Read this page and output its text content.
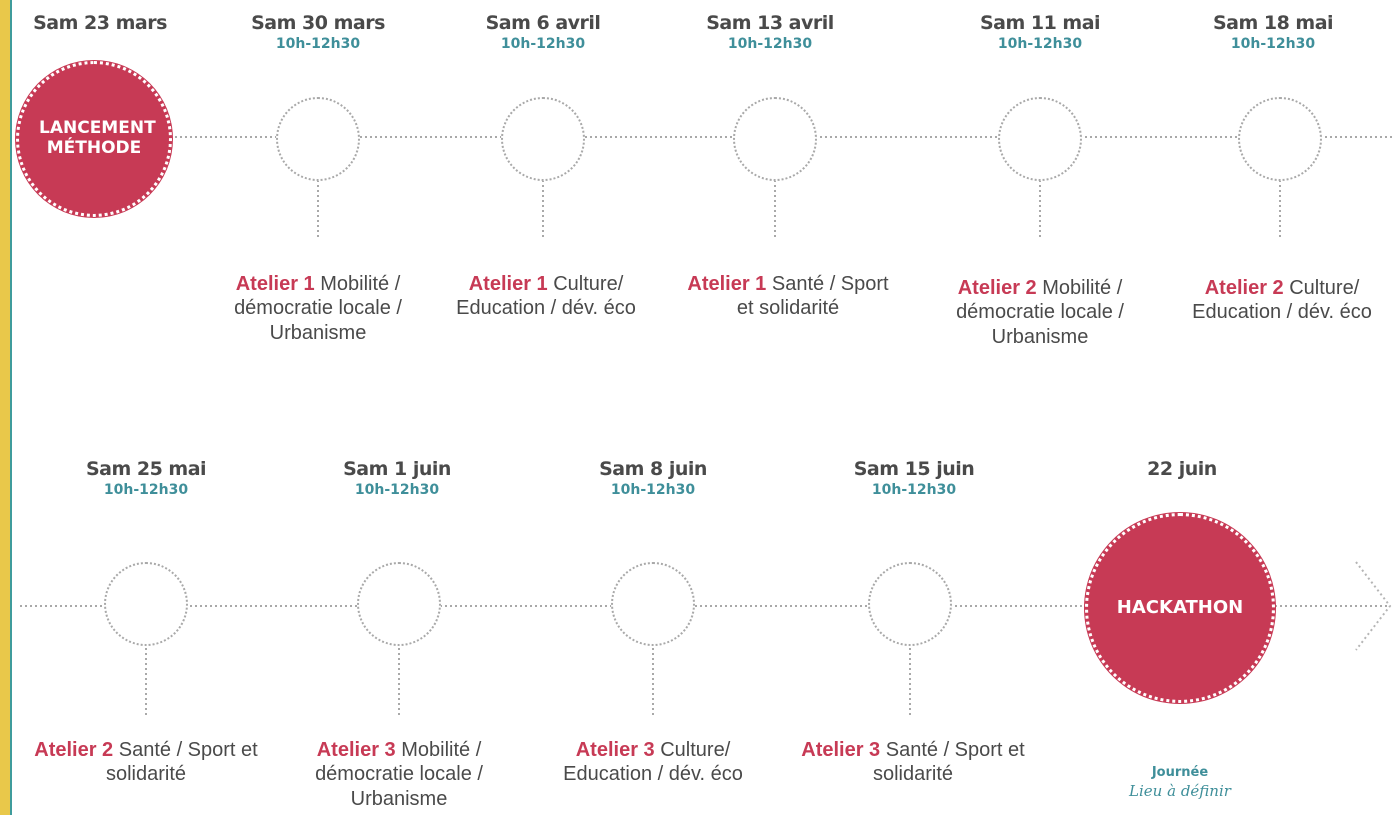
Sam 23 mars
LANCEMENT MÉTHODE
Sam 30 mars
10h-12h30
Atelier 1 Mobilité / démocratie locale / Urbanisme
Sam 6 avril
10h-12h30
Atelier 1 Culture/ Education / dév. éco
Sam 13 avril
10h-12h30
Atelier 1 Santé / Sport et solidarité
Sam 11 mai
10h-12h30
Atelier 2 Mobilité / démocratie locale / Urbanisme
Sam 18 mai
10h-12h30
Atelier 2 Culture/ Education / dév. éco
Sam 25 mai
10h-12h30
Atelier 2 Santé / Sport et solidarité
Sam 1 juin
10h-12h30
Atelier 3 Mobilité / démocratie locale / Urbanisme
Sam 8 juin
10h-12h30
Atelier 3 Culture/ Education / dév. éco
Sam 15 juin
10h-12h30
Atelier 3 Santé / Sport et solidarité
22 juin
HACKATHON
Journée
Lieu à définir
